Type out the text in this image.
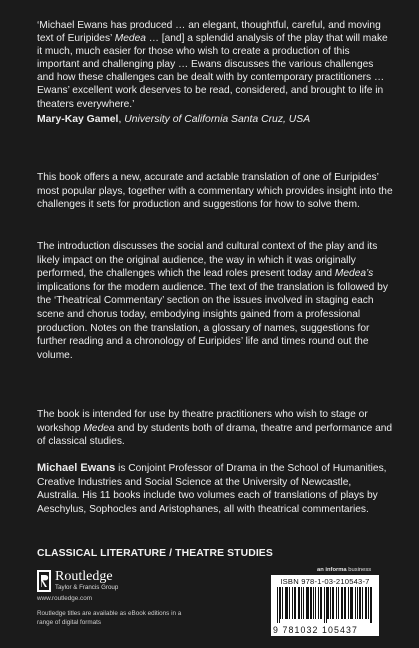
‘Michael Ewans has produced … an elegant, thoughtful, careful, and moving text of Euripides’ Medea … [and] a splendid analysis of the play that will make it much, much easier for those who wish to create a production of this important and challenging play … Ewans discusses the various challenges and how these challenges can be dealt with by contemporary practitioners … Ewans’ excellent work deserves to be read, considered, and brought to life in theaters everywhere.’
Mary-Kay Gamel, University of California Santa Cruz, USA
This book offers a new, accurate and actable translation of one of Euripides’ most popular plays, together with a commentary which provides insight into the challenges it sets for production and suggestions for how to solve them.
The introduction discusses the social and cultural context of the play and its likely impact on the original audience, the way in which it was originally performed, the challenges which the lead roles present today and Medea’s implications for the modern audience. The text of the translation is followed by the ‘Theatrical Commentary’ section on the issues involved in staging each scene and chorus today, embodying insights gained from a professional production. Notes on the translation, a glossary of names, suggestions for further reading and a chronology of Euripides’ life and times round out the volume.
The book is intended for use by theatre practitioners who wish to stage or workshop Medea and by students both of drama, theatre and performance and of classical studies.
Michael Ewans is Conjoint Professor of Drama in the School of Humanities, Creative Industries and Social Science at the University of Newcastle, Australia. His 11 books include two volumes each of translations of plays by Aeschylus, Sophocles and Aristophanes, all with theatrical commentaries.
CLASSICAL LITERATURE / THEATRE STUDIES
Routledge
Taylor & Francis Group
www.routledge.com
Routledge titles are available as eBook editions in a range of digital formats
an informa business
ISBN 978-1-03-210543-7
9 781032 105437
